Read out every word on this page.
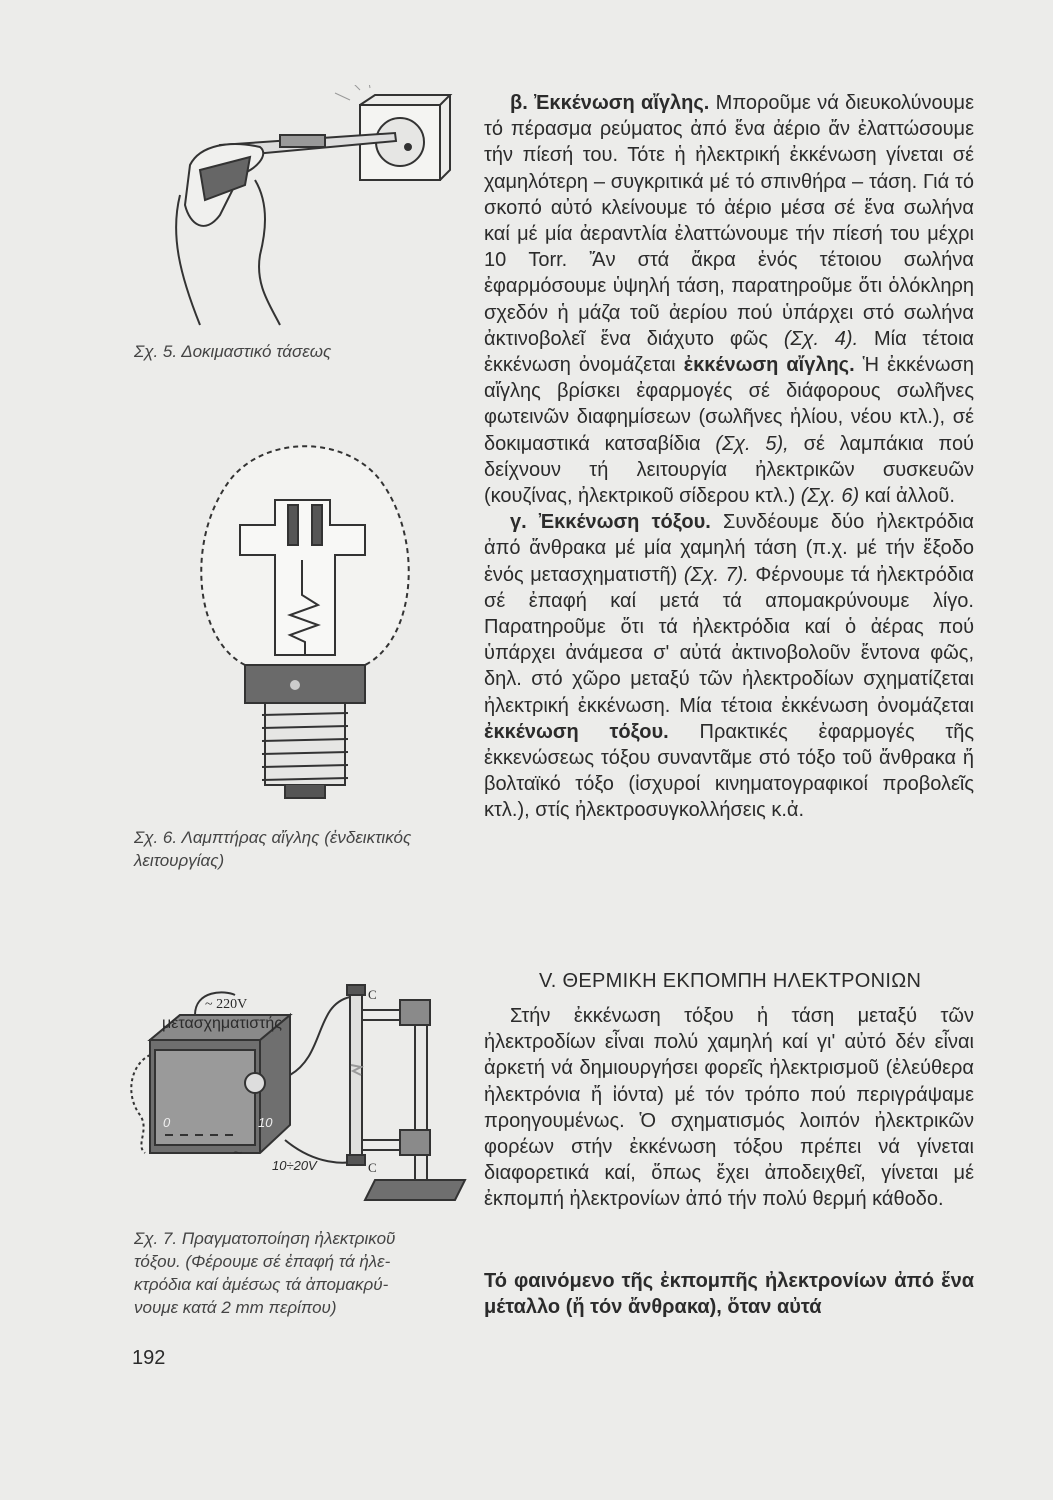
Σχ. 5. Δοκιμαστικό τάσεως
Σχ. 6. Λαμπτήρας αἴγλης (ἐνδεικτικός
λειτουργίας)
~ 220V
μετασχηματιστής
C
C
0	10
~
10÷20V
Σχ. 7. Πραγματοποίηση ἠλεκτρικοῦ
τόξου. (Φέρουμε σέ ἐπαφή τά ἠλε-
κτρόδια καί ἀμέσως τά ἀπομακρύ-
νουμε κατά 2 mm περίπου)

β. Ἐκκένωση αἴγλης. Μποροῦμε νά διευκολύνουμε τό πέρασμα ρεύματος ἀπό ἕνα ἀέριο ἄν ἐλαττώσουμε τήν πίεσή του. Τότε ἡ ἠλεκτρική ἐκκένωση γίνεται σέ χαμηλότερη – συγκριτικά μέ τό σπινθήρα – τάση. Γιά τό σκοπό αὐτό κλείνουμε τό ἀέριο μέσα σέ ἕνα σωλήνα καί μέ μία ἀεραντλία ἐλαττώνουμε τήν πίεσή του μέχρι 10 Torr. Ἄν στά ἄκρα ἑνός τέτοιου σωλήνα ἐφαρμόσουμε ὑψηλή τάση, παρατηροῦμε ὅτι ὁλόκληρη σχεδόν ἡ μάζα τοῦ ἀερίου πού ὑπάρχει στό σωλήνα ἀκτινοβολεῖ ἕνα διάχυτο φῶς (Σχ. 4). Μία τέτοια ἐκκένωση ὀνομάζεται ἐκκένωση αἴγλης. Ἡ ἐκκένωση αἴγλης βρίσκει ἐφαρμογές σέ διάφορους σωλῆνες φωτεινῶν διαφημίσεων (σωλῆνες ἡλίου, νέου κτλ.), σέ δοκιμαστικά κατσαβίδια (Σχ. 5), σέ λαμπάκια πού δείχνουν τή λειτουργία ἠλεκτρικῶν συσκευῶν (κουζίνας, ἠλεκτρικοῦ σίδερου κτλ.) (Σχ. 6) καί ἀλλοῦ.

γ. Ἐκκένωση τόξου. Συνδέουμε δύο ἠλεκτρόδια ἀπό ἄνθρακα μέ μία χαμηλή τάση (π.χ. μέ τήν ἔξοδο ἑνός μετασχηματιστῆ) (Σχ. 7). Φέρνουμε τά ἠλεκτρόδια σέ ἐπαφή καί μετά τά απομακρύνουμε λίγο. Παρατηροῦμε ὅτι τά ἠλεκτρόδια καί ὁ ἀέρας πού ὑπάρχει ἀνάμεσα σ' αὐτά ἀκτινοβολοῦν ἔντονα φῶς, δηλ. στό χῶρο μεταξύ τῶν ἠλεκτροδίων σχηματίζεται ἠλεκτρική ἐκκένωση. Μία τέτοια ἐκκένωση ὀνομάζεται ἐκκένωση τόξου. Πρακτικές ἐφαρμογές τῆς ἐκκενώσεως τόξου συναντᾶμε στό τόξο τοῦ ἄνθρακα ἤ βολταϊκό τόξο (ἰσχυροί κινηματογραφικοί προβολεῖς κτλ.), στίς ἠλεκτροσυγκολλήσεις κ.ἀ.

V. ΘΕΡΜΙΚΗ ΕΚΠΟΜΠΗ ΗΛΕΚΤΡΟΝΙΩΝ

Στήν ἐκκένωση τόξου ἡ τάση μεταξύ τῶν ἠλεκτροδίων εἶναι πολύ χαμηλή καί γι' αὐτό δέν εἶναι ἀρκετή νά δημιουργήσει φορεῖς ἠλεκτρισμοῦ (ἐλεύθερα ἠλεκτρόνια ἤ ἰόντα) μέ τόν τρόπο πού περιγράψαμε προηγουμένως. Ὁ σχηματισμός λοιπόν ἠλεκτρικῶν φορέων στήν ἐκκένωση τόξου πρέπει νά γίνεται διαφορετικά καί, ὅπως ἔχει ἀποδειχθεῖ, γίνεται μέ ἐκπομπή ἠλεκτρονίων ἀπό τήν πολύ θερμή κάθοδο.

Τό φαινόμενο τῆς ἐκπομπῆς ἠλεκτρονίων ἀπό ἕνα μέταλλο (ἤ τόν ἄνθρακα), ὅταν αὐτά

192
